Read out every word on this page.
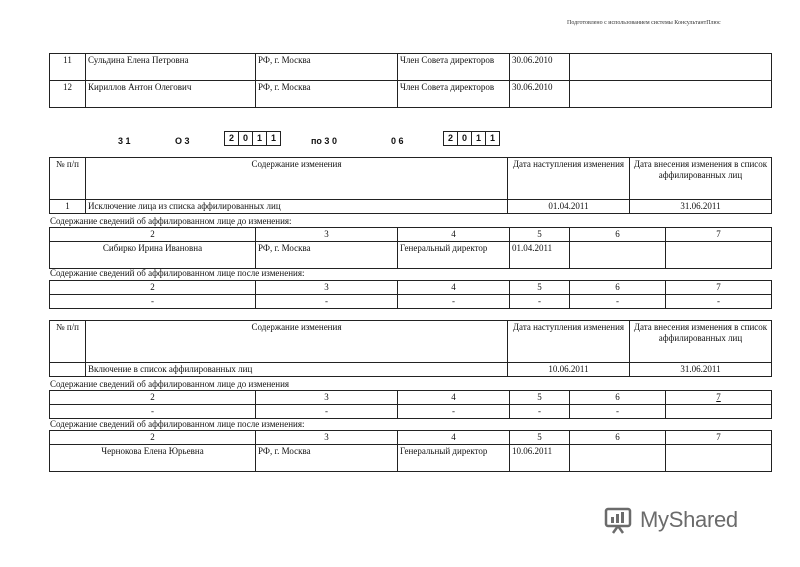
Подготовлено с использованием системы КонсультантПлюс
11	Сульдина Елена Петровна	РФ, г. Москва	Член Совета директоров	30.06.2010	
12	Кириллов Антон Олегович	РФ, г. Москва	Член Совета директоров	30.06.2010	
3 1	О 3	2 0 1 1	по 3 0	0 6	2 0 1 1
№ п/п	Содержание изменения	Дата наступления изменения	Дата внесения изменения в список аффилированных лиц
1	Исключение лица из списка аффилированных лиц	01.04.2011	31.06.2011
Содержание сведений об аффилированном лице до изменения:
2	3	4	5	6	7
Сибирко Ирина Ивановна	РФ, г. Москва	Генеральный директор	01.04.2011		
Содержание сведений об аффилированном лице после изменения:
2	3	4	5	6	7
-	-	-	-	-	-
№ п/п	Содержание изменения	Дата наступления изменения	Дата внесения изменения в список аффилированных лиц
	Включение в список аффилированных лиц	10.06.2011	31.06.2011
Содержание сведений об аффилированном лице до изменения
2	3	4	5	6	7
-	-	-	-	-	
Содержание сведений об аффилированном лице после изменения:
2	3	4	5	6	7
Чернокова Елена Юрьевна	РФ, г. Москва	Генеральный директор	10.06.2011		
MyShared
